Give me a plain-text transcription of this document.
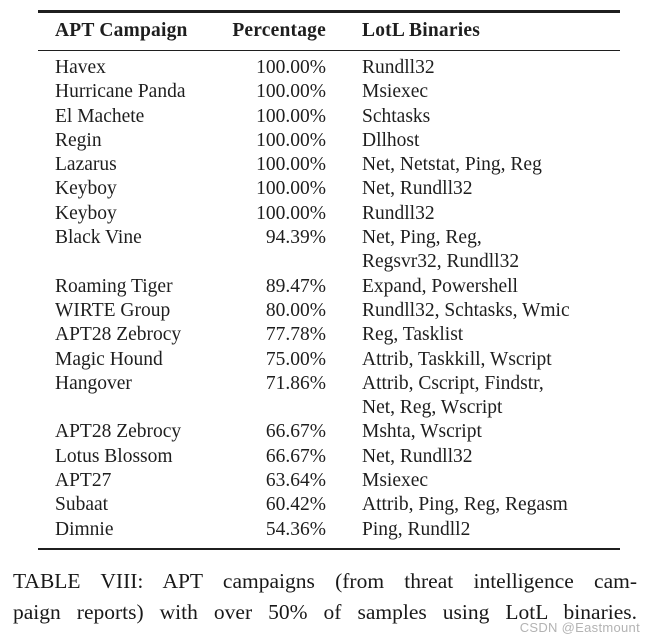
APT Campaign	Percentage	LotL Binaries
Havex	100.00% Rundll32
Hurricane Panda	100.00% Msiexec
El Machete	100.00% Schtasks
Regin	100.00% Dllhost
Lazarus	100.00% Net, Netstat, Ping, Reg
Keyboy	100.00% Net, Rundll32
Keyboy	100.00% Rundll32
Black Vine	94.39% Net, Ping, Reg,
Regsvr32, Rundll32
Roaming Tiger	89.47% Expand, Powershell
WIRTE Group	80.00% Rundll32, Schtasks, Wmic
APT28 Zebrocy	77.78% Reg, Tasklist
Magic Hound	75.00% Attrib, Taskkill, Wscript
Hangover	71.86% Attrib, Cscript, Findstr,
Net, Reg, Wscript
APT28 Zebrocy	66.67% Mshta, Wscript
Lotus Blossom	66.67% Net, Rundll32
APT27	63.64% Msiexec
Subaat	60.42% Attrib, Ping, Reg, Regasm
Dimnie	54.36% Ping, Rundll2
TABLE VIII: APT campaigns (from threat intelligence cam-
paign reports) with over 50% of samples using LotL binaries.
CSDN @Eastmount
